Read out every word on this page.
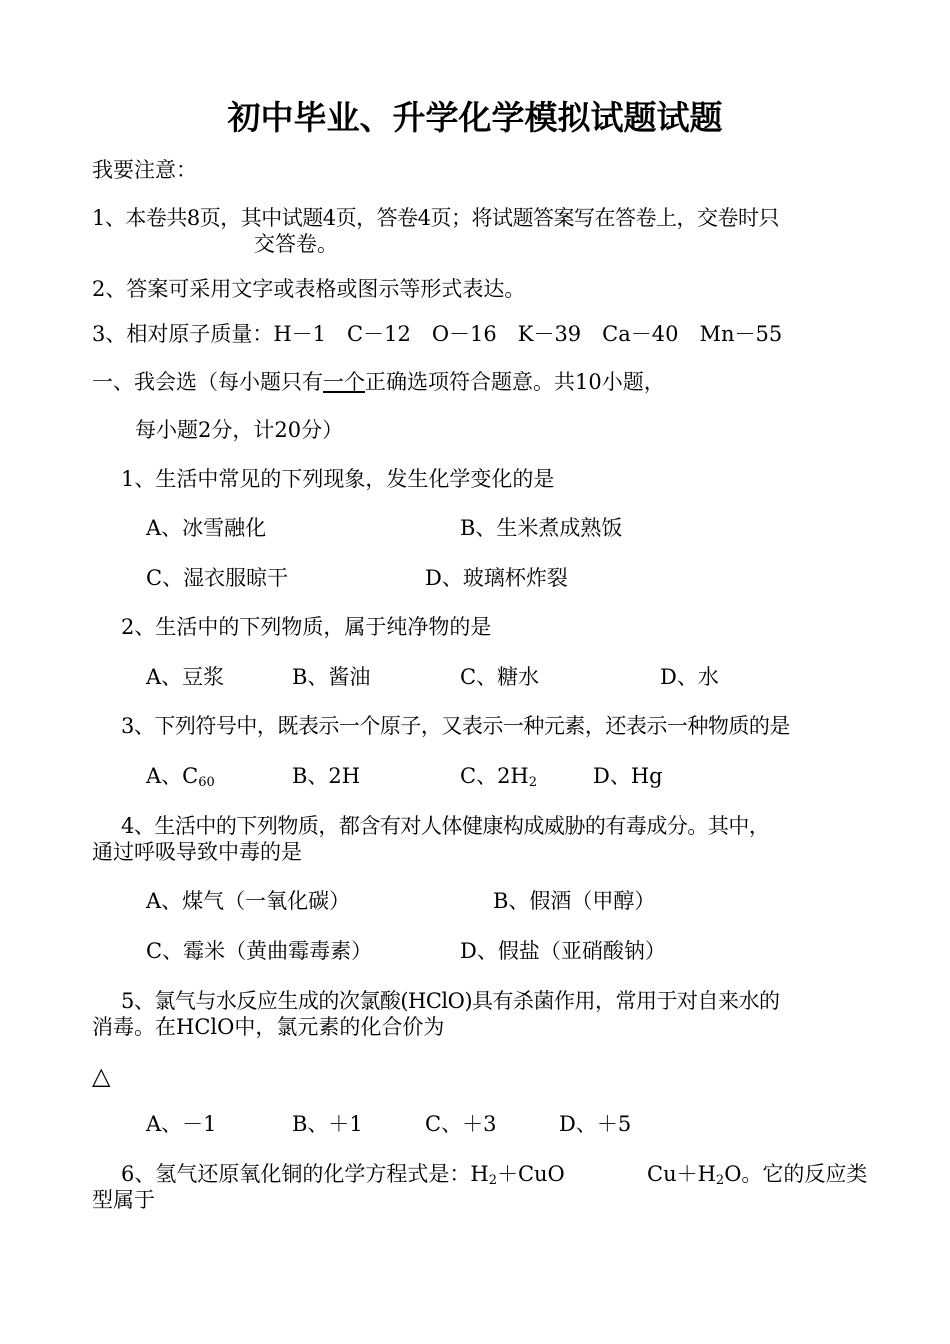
初中毕业、升学化学模拟试题试题
我要注意：
1、本卷共8页，其中试题4页，答卷4页；将试题答案写在答卷上，交卷时只
交答卷。
2、答案可采用文字或表格或图示等形式表达。
3、相对原子质量：H－1　C－12　O－16　K－39　Ca－40　Mn－55
一、我会选（每小题只有一个正确选项符合题意。共10小题，
每小题2分，计20分）
1、生活中常见的下列现象，发生化学变化的是
A、冰雪融化	B、生米煮成熟饭
C、湿衣服晾干	D、玻璃杯炸裂
2、生活中的下列物质，属于纯净物的是
A、豆浆	B、酱油	C、糖水	D、水
3、下列符号中，既表示一个原子，又表示一种元素，还表示一种物质的是
A、$C_{60}$	B、2H	C、$2H_2$	D、Hg
4、生活中的下列物质，都含有对人体健康构成威胁的有毒成分。其中，
通过呼吸导致中毒的是
A、煤气（一氧化碳）	B、假酒（甲醇）
C、霉米（黄曲霉毒素）	D、假盐（亚硝酸钠）
5、氯气与水反应生成的次氯酸(HClO)具有杀菌作用，常用于对自来水的
消毒。在HClO中，氯元素的化合价为
△
A、－1	B、＋1	C、＋3	D、＋5
6、氢气还原氧化铜的化学方程式是：$H_2+CuO$	$Cu+H_2O$。它的反应类
型属于
